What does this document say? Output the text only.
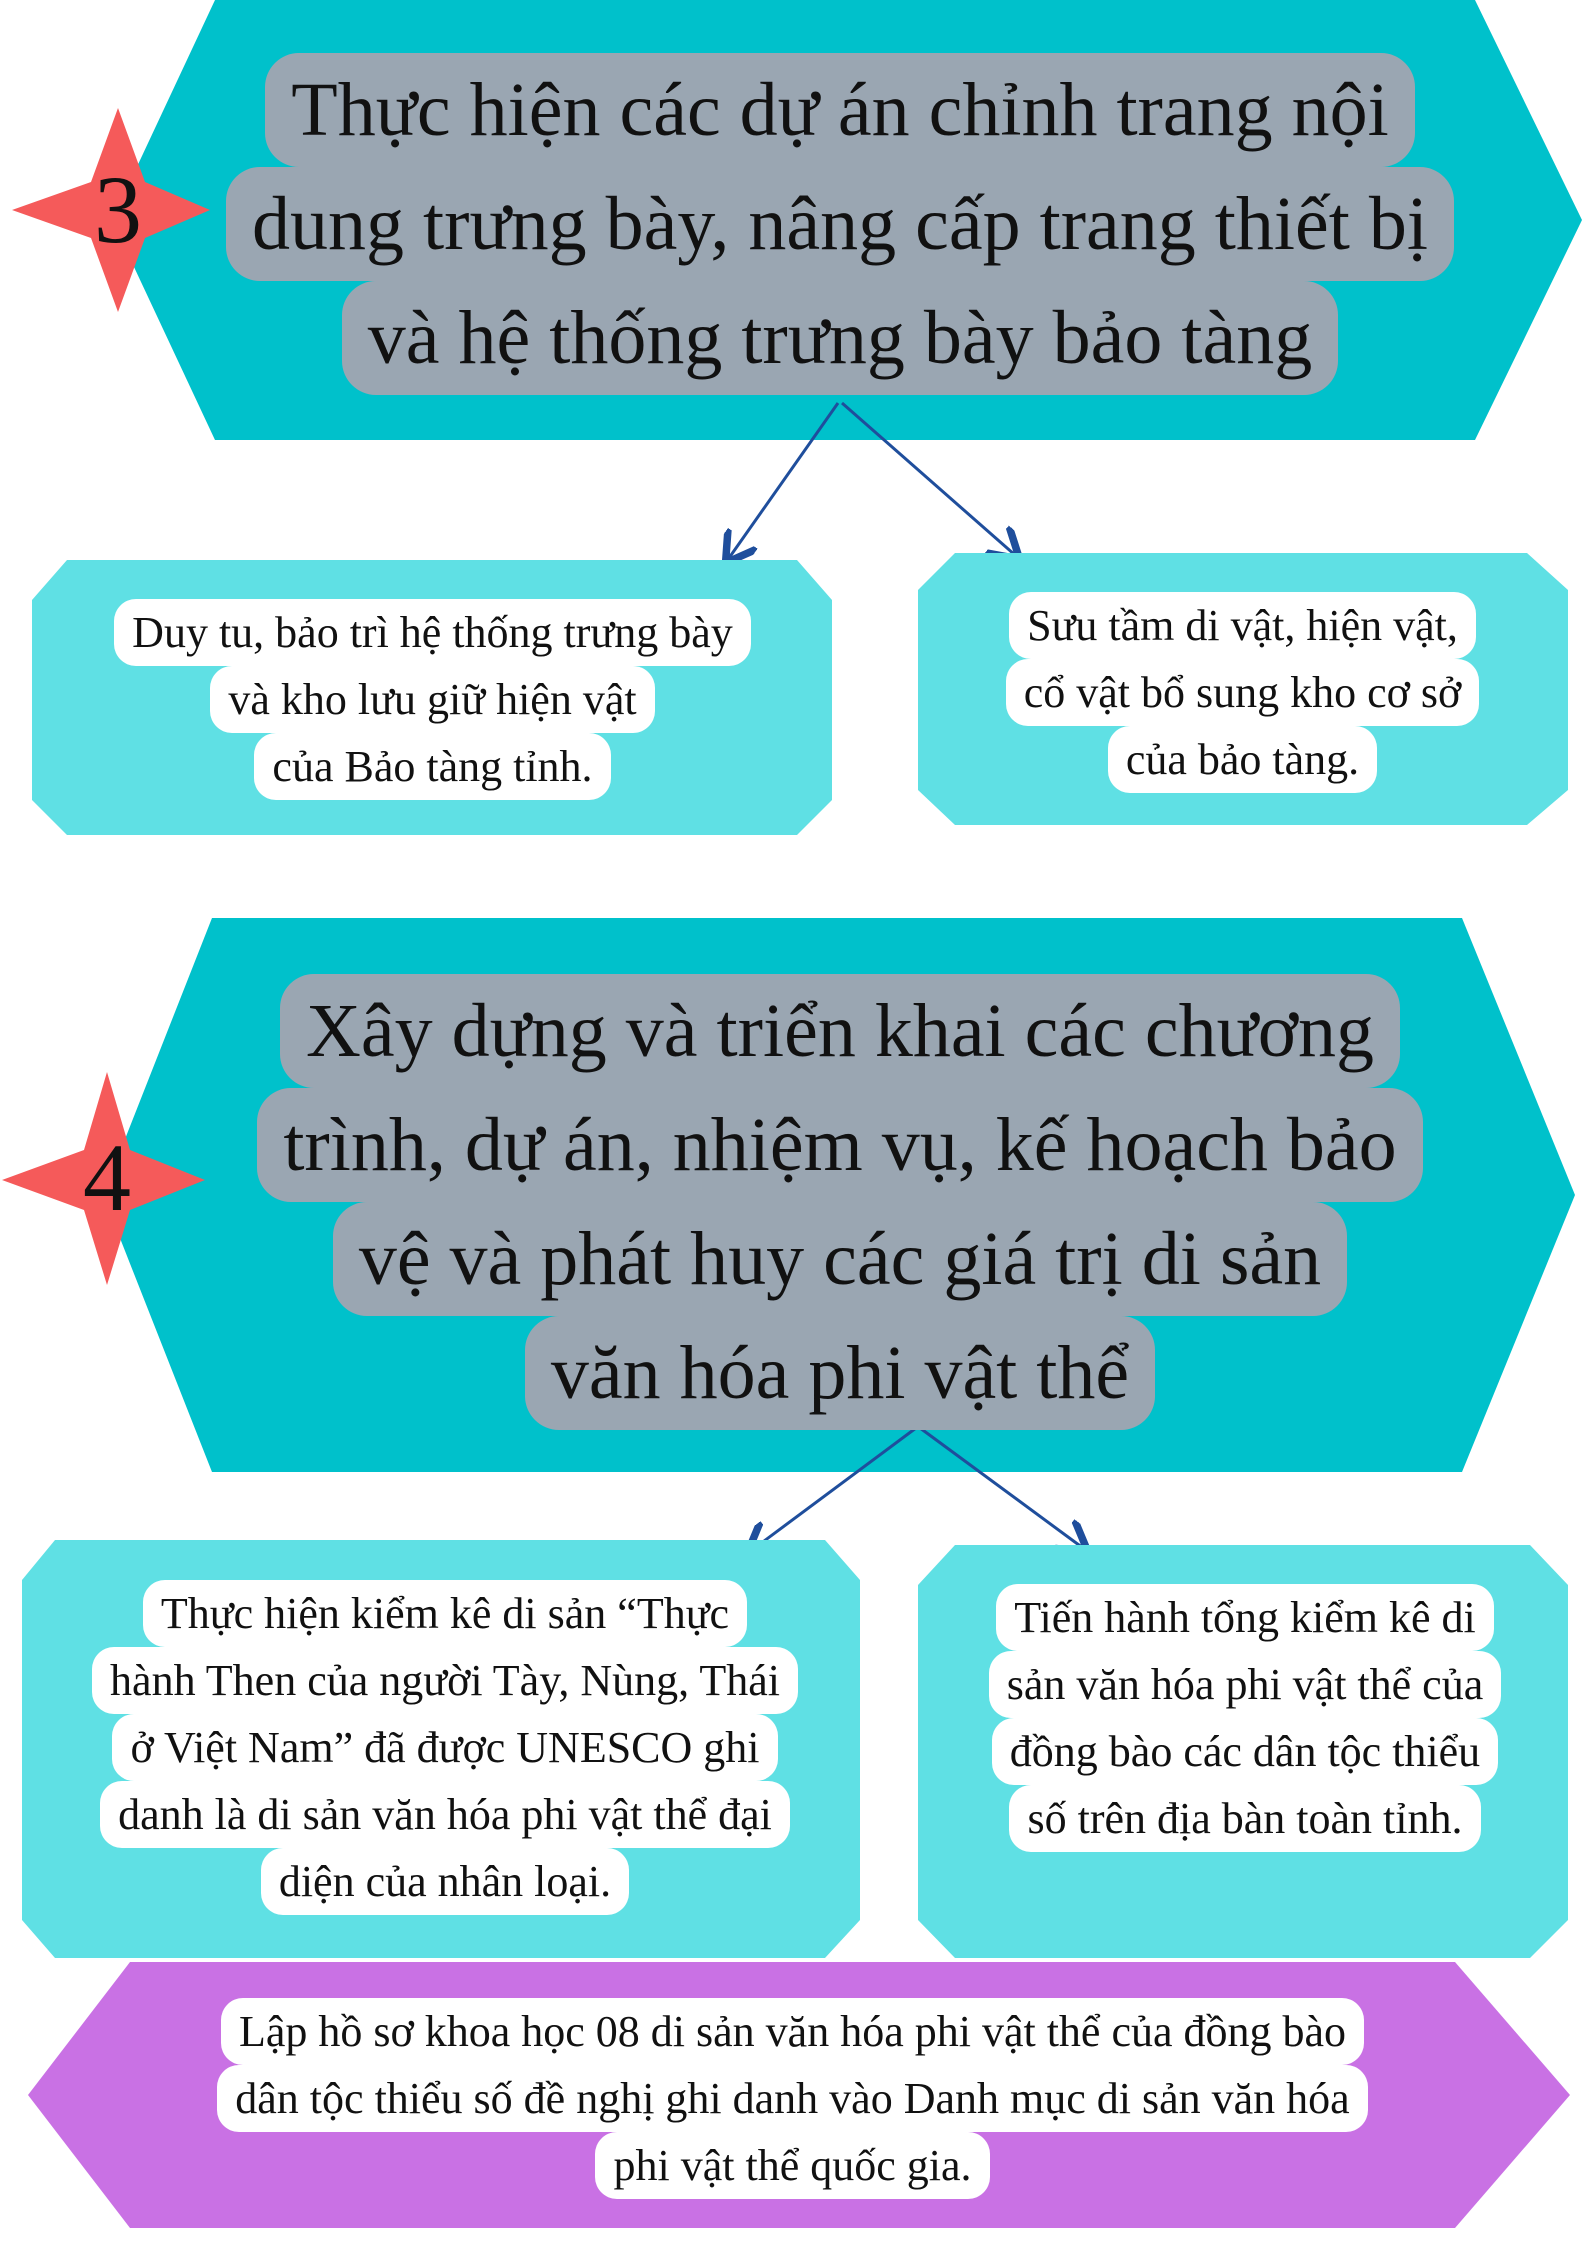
3
4
Thực hiện các dự án chỉnh trang nội
dung trưng bày, nâng cấp trang thiết bị
và hệ thống trưng bày bảo tàng
Duy tu, bảo trì hệ thống trưng bày
và kho lưu giữ hiện vật
của Bảo tàng tỉnh.
Sưu tầm di vật, hiện vật,
cổ vật bổ sung kho cơ sở
của bảo tàng.
Xây dựng và triển khai các chương
trình, dự án, nhiệm vụ, kế hoạch bảo
vệ và phát huy các giá trị di sản
văn hóa phi vật thể
Thực hiện kiểm kê di sản “Thực
hành Then của người Tày, Nùng, Thái
ở Việt Nam” đã được UNESCO ghi
danh là di sản văn hóa phi vật thể đại
diện của nhân loại.
Tiến hành tổng kiểm kê di
sản văn hóa phi vật thể của
đồng bào các dân tộc thiểu
số trên địa bàn toàn tỉnh.
Lập hồ sơ khoa học 08 di sản văn hóa phi vật thể của đồng bào
dân tộc thiểu số đề nghị ghi danh vào Danh mục di sản văn hóa
phi vật thể quốc gia.
